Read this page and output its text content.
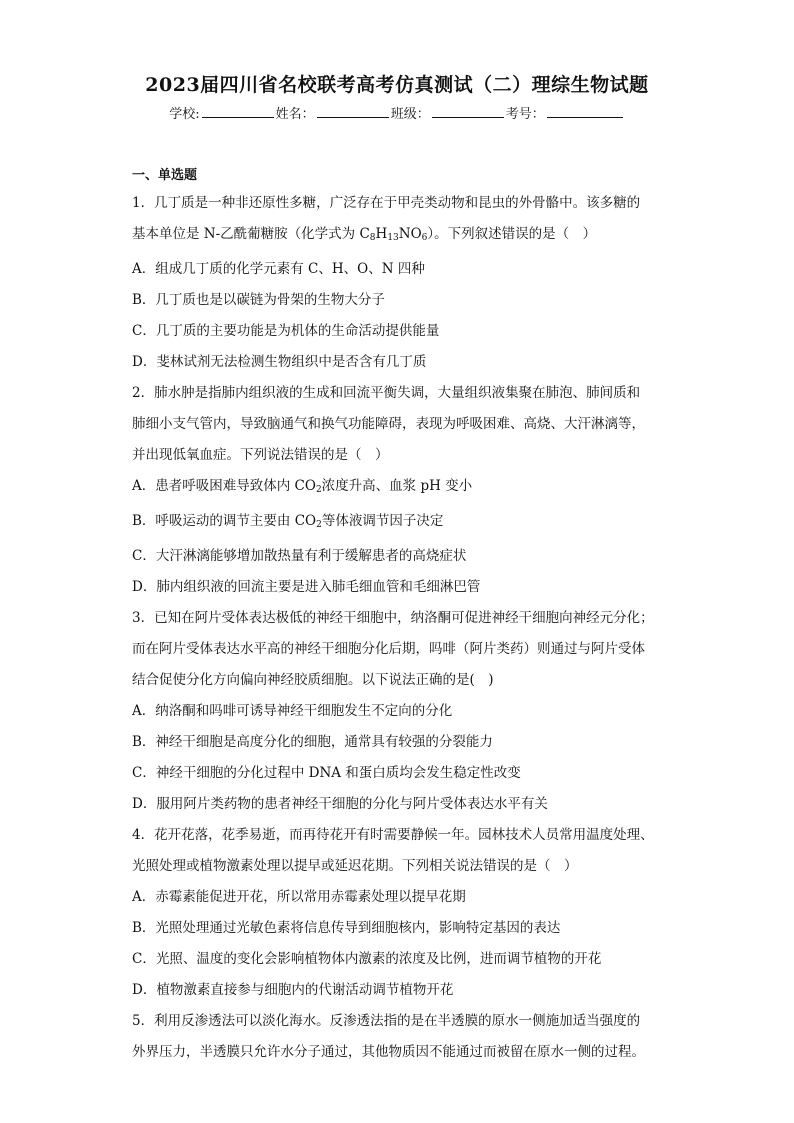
2023届四川省名校联考高考仿真测试（二）理综生物试题
学校:	姓名：	班级：	考号：
一、单选题
1．几丁质是一种非还原性多糖，广泛存在于甲壳类动物和昆虫的外骨骼中。该多糖的
基本单位是 N-乙酰葡糖胺（化学式为 $C_8H_{13}NO_6$）。下列叙述错误的是（　）
A．组成几丁质的化学元素有 C、H、O、N 四种
B．几丁质也是以碳链为骨架的生物大分子
C．几丁质的主要功能是为机体的生命活动提供能量
D．斐林试剂无法检测生物组织中是否含有几丁质
2．肺水肿是指肺内组织液的生成和回流平衡失调，大量组织液集聚在肺泡、肺间质和
肺细小支气管内，导致脑通气和换气功能障碍，表现为呼吸困难、高烧、大汗淋漓等，
并出现低氧血症。下列说法错误的是（　）
A．患者呼吸困难导致体内 $CO_2$浓度升高、血浆 pH 变小
B．呼吸运动的调节主要由 $CO_2$等体液调节因子决定
C．大汗淋漓能够增加散热量有利于缓解患者的高烧症状
D．肺内组织液的回流主要是进入肺毛细血管和毛细淋巴管
3．已知在阿片受体表达极低的神经干细胞中，纳洛酮可促进神经干细胞向神经元分化；
而在阿片受体表达水平高的神经干细胞分化后期，吗啡（阿片类药）则通过与阿片受体
结合促使分化方向偏向神经胶质细胞。以下说法正确的是(　)
A．纳洛酮和吗啡可诱导神经干细胞发生不定向的分化
B．神经干细胞是高度分化的细胞，通常具有较强的分裂能力
C．神经干细胞的分化过程中 DNA 和蛋白质均会发生稳定性改变
D．服用阿片类药物的患者神经干细胞的分化与阿片受体表达水平有关
4．花开花落，花季易逝，而再待花开有时需要静候一年。园林技术人员常用温度处理、
光照处理或植物激素处理以提早或延迟花期。下列相关说法错误的是（　）
A．赤霉素能促进开花，所以常用赤霉素处理以提早花期
B．光照处理通过光敏色素将信息传导到细胞核内，影响特定基因的表达
C．光照、温度的变化会影响植物体内激素的浓度及比例，进而调节植物的开花
D．植物激素直接参与细胞内的代谢活动调节植物开花
5．利用反渗透法可以淡化海水。反渗透法指的是在半透膜的原水一侧施加适当强度的
外界压力，半透膜只允许水分子通过，其他物质因不能通过而被留在原水一侧的过程。
